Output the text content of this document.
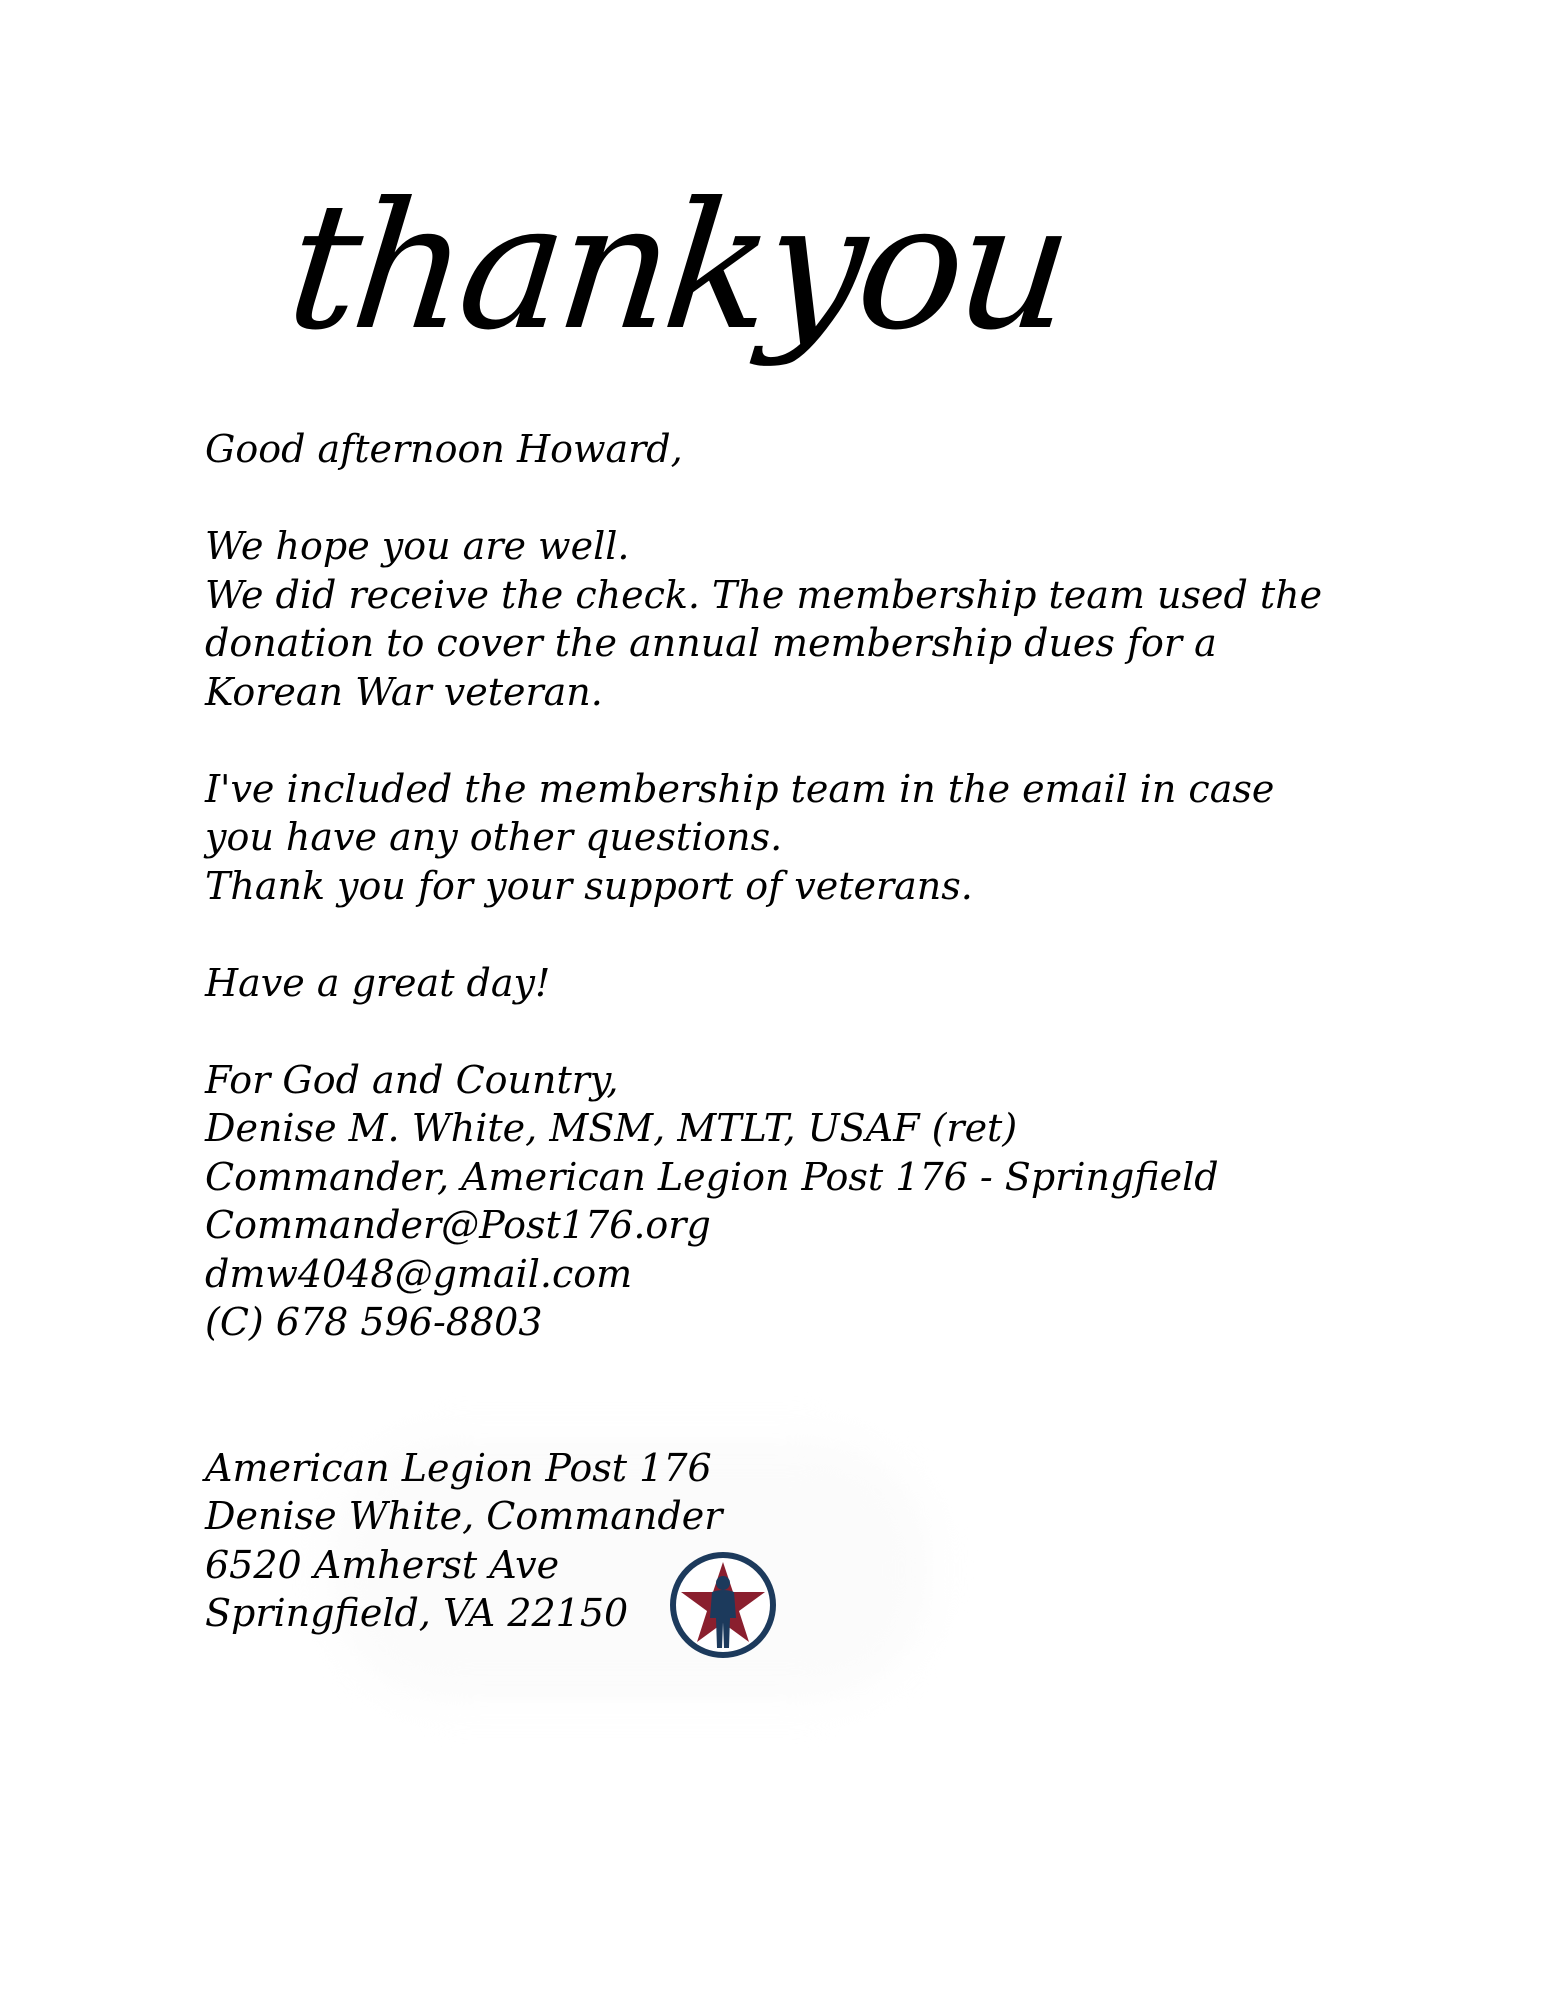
thankyou
Good afternoon Howard,
We hope you are well.
We did receive the check. The membership team used the
donation to cover the annual membership dues for a
Korean War veteran.
I've included the membership team in the email in case
you have any other questions.
Thank you for your support of veterans.
Have a great day!
For God and Country,
Denise M. White, MSM, MTLT, USAF (ret)
Commander, American Legion Post 176 - Springfield
Commander@Post176.org
dmw4048@gmail.com
(C) 678 596-8803
American Legion Post 176
Denise White, Commander
6520 Amherst Ave
Springfield, VA 22150
